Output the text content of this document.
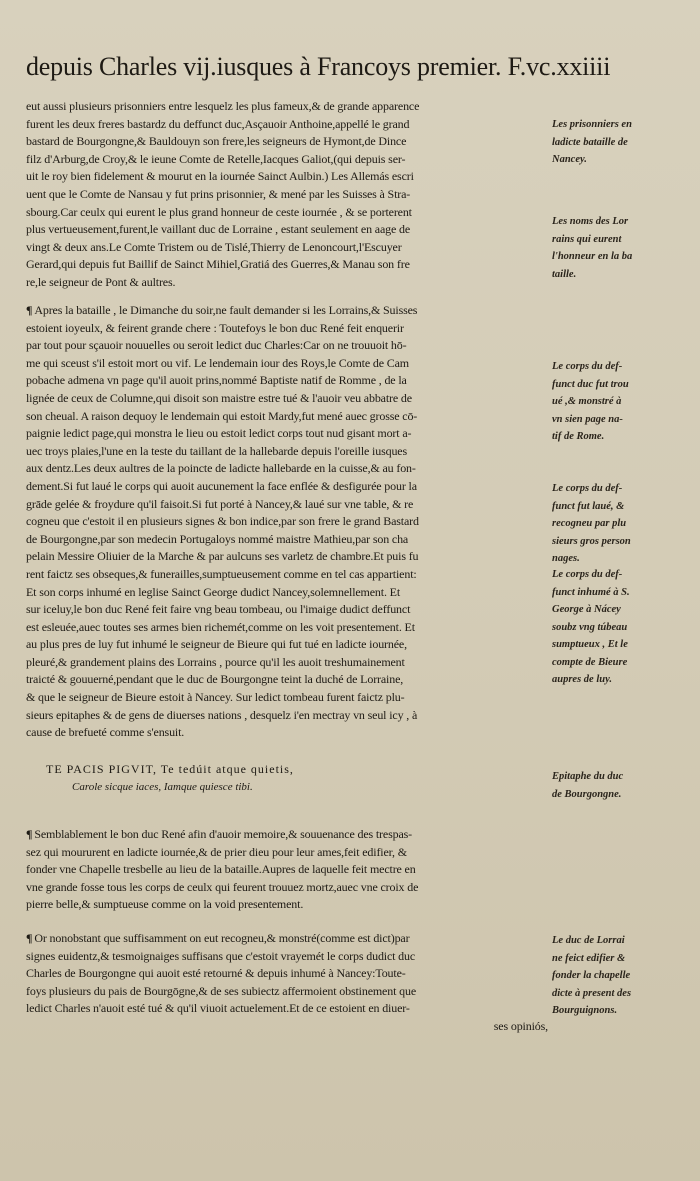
depuis Charles vij.iusques à Francoys premier. F.vc.xxiiii
eut aussi plusieurs prisonniers entre lesquelz les plus fameux,& de grande apparence
furent les deux freres bastardz du deffunct duc,Asçauoir Anthoine,appellé le grand
bastard de Bourgongne,& Bauldouyn son frere,les seigneurs de Hymont,de Dince
filz d'Arburg,de Croy,& le ieune Comte de Retelle,Iacques Galiot,(qui depuis ser-
uit le roy bien fidelement & mourut en la iournée Sainct Aulbin.) Les Allemás escri
uent que le Comte de Nansau y fut prins prisonnier, & mené par les Suisses à Stra-
sbourg.Car ceulx qui eurent le plus grand honneur de ceste iournée , & se porterent
plus vertueusement,furent,le vaillant duc de Lorraine , estant seulement en aage de
vingt & deux ans.Le Comte Tristem ou de Tislé,Thierry de Lenoncourt,l'Escuyer
Gerard,qui depuis fut Baillif de Sainct Mihiel,Gratiá des Guerres,& Manau son fre
re,le seigneur de Pont & aultres.
¶ Apres la bataille , le Dimanche du soir,ne fault demander si les Lorrains,& Suisses
estoient ioyeulx, & feirent grande chere : Toutefoys le bon duc René feit enquerir
par tout pour sçauoir nouuelles ou seroit ledict duc Charles:Car on ne trouuoit hō-
me qui sceust s'il estoit mort ou vif. Le lendemain iour des Roys,le Comte de Cam
pobache admena vn page qu'il auoit prins,nommé Baptiste natif de Romme , de la
lignée de ceux de Columne,qui disoit son maistre estre tué & l'auoir veu abbatre de
son cheual. A raison dequoy le lendemain qui estoit Mardy,fut mené auec grosse cō-
paignie ledict page,qui monstra le lieu ou estoit ledict corps tout nud gisant mort a-
uec troys plaies,l'une en la teste du taillant de la hallebarde depuis l'oreille iusques
aux dentz.Les deux aultres de la poincte de ladicte hallebarde en la cuisse,& au fon-
dement.Si fut laué le corps qui auoit aucunement la face enflée & desfigurée pour la
grāde gelée & froydure qu'il faisoit.Si fut porté à Nancey,& laué sur vne table, & re
cogneu que c'estoit il en plusieurs signes & bon indice,par son frere le grand Bastard
de Bourgongne,par son medecin Portugaloys nommé maistre Mathieu,par son cha
pelain Messire Oliuier de la Marche & par aulcuns ses varletz de chambre.Et puis fu
rent faictz ses obseques,& funerailles,sumptueusement comme en tel cas appartient:
Et son corps inhumé en leglise Sainct George dudict Nancey,solemnellement. Et
sur iceluy,le bon duc René feit faire vng beau tombeau, ou l'imaige dudict deffunct
est esleuée,auec toutes ses armes bien richemét,comme on les voit presentement. Et
au plus pres de luy fut inhumé le seigneur de Bieure qui fut tué en ladicte iournée,
pleuré,& grandement plains des Lorrains , pource qu'il les auoit treshumainement
traicté & gouuerné,pendant que le duc de Bourgongne teint la duché de Lorraine,
& que le seigneur de Bieure estoit à Nancey. Sur ledict tombeau furent faictz plu-
sieurs epitaphes & de gens de diuerses nations , desquelz i'en mectray vn seul icy , à
cause de brefueté comme s'ensuit.
TE PACIS PIGVIT, Te tedúit atque quietis,
Carole sicque iaces, Iamque quiesce tibi.
¶ Semblablement le bon duc René afin d'auoir memoire,& souuenance des trespas-
sez qui moururent en ladicte iournée,& de prier dieu pour leur ames,feit edifier, &
fonder vne Chapelle tresbelle au lieu de la bataille.Aupres de laquelle feit mectre en
vne grande fosse tous les corps de ceulx qui feurent trouuez mortz,auec vne croix de
pierre belle,& sumptueuse comme on la void presentement.
¶ Or nonobstant que suffisamment on eut recogneu,& monstré(comme est dict)par
signes euidentz,& tesmoignaiges suffisans que c'estoit vrayemét le corps dudict duc
Charles de Bourgongne qui auoit esté retourné & depuis inhumé à Nancey:Toute-
foys plusieurs du pais de Bourgōgne,& de ses subiectz affermoient obstinement que
ledict Charles n'auoit esté tué & qu'il viuoit actuelement.Et de ce estoient en diuer-
ses opiniós,
Les prisonniers en
ladicte bataille de
Nancey.
Les noms des Lor
rains qui eurent
l'honneur en la ba
taille.
Le corps du def-
funct duc fut trou
ué ,& monstré à
vn sien page na-
tif de Rome.
Le corps du def-
funct fut laué, &
recogneu par plu
sieurs gros person
nages.
Le corps du def-
funct inhumé à S.
George à Nácey
soubz vng túbeau
sumptueux , Et le
compte de Bieure
aupres de luy.
Epitaphe du duc
de Bourgongne.
Le duc de Lorrai
ne feict edifier &
fonder la chapelle
dicte à present des
Bourguignons.
